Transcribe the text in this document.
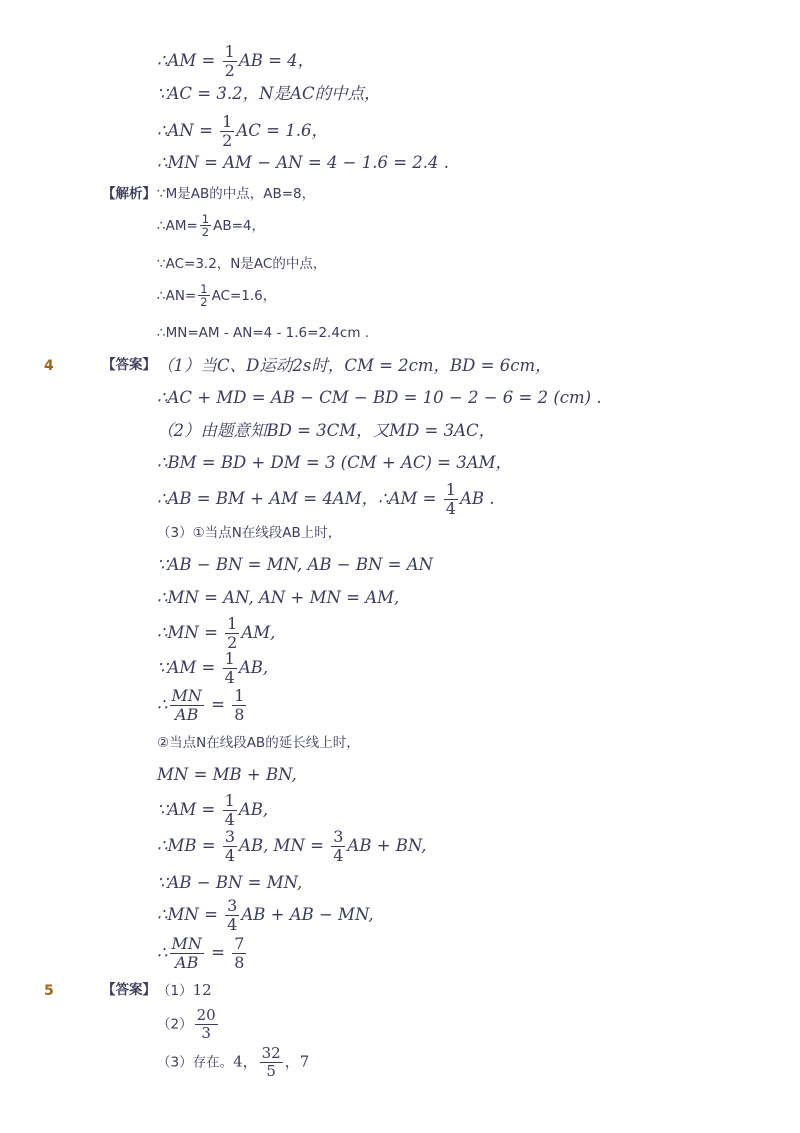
∴AM = $\frac{1}{2}$ AB = 4，
∵AC = 3.2，N是AC的中点，
∴AN = $\frac{1}{2}$ AC = 1.6，
∴MN = AM − AN = 4 − 1.6 = 2.4 .
【解析】 ∵M是AB的中点，AB=8，
∴AM= $\frac{1}{2} AB=4$，
∵AC=3.2，N是AC的中点，
∴AN= $\frac{1}{2} AC=1.6$，
∴MN=AM - AN=4 - 1.6=2.4cm .
4	【答案】 （1）当C、D运动2s时，CM = 2cm，BD = 6cm，
∴AC + MD = AB − CM − BD = 10 − 2 − 6 = 2 (cm) .
（2）由题意知BD = 3CM，又MD = 3AC，
∴BM = BD + DM = 3 (CM + AC) = 3AM，
∴AB = BM + AM = 4AM，∴AM = $\frac{1}{4}$ AB .
（3）①当点N在线段AB上时，
∵AB − BN = MN, AB − BN = AN
∴MN = AN, AN + MN = AM,
∴MN = $\frac{1}{2}$ AM,
∵AM = $\frac{1}{4}$ AB,
∴ $\frac{MN}{AB} = \frac{1}{8}$
②当点N在线段AB的延长线上时，
MN = MB + BN,
∵AM = $\frac{1}{4}$ AB,
∴MB = $\frac{3}{4}$ AB, MN = $\frac{3}{4}$ AB + BN,
∵AB − BN = MN,
∴MN = $\frac{3}{4}$ AB + AB − MN,
∴ $\frac{MN}{AB} = \frac{7}{8}$
5	【答案】 （1）12
$(2) \frac{20}{3}$
（3）存在。4， $\frac{32}{5}$ ，7
